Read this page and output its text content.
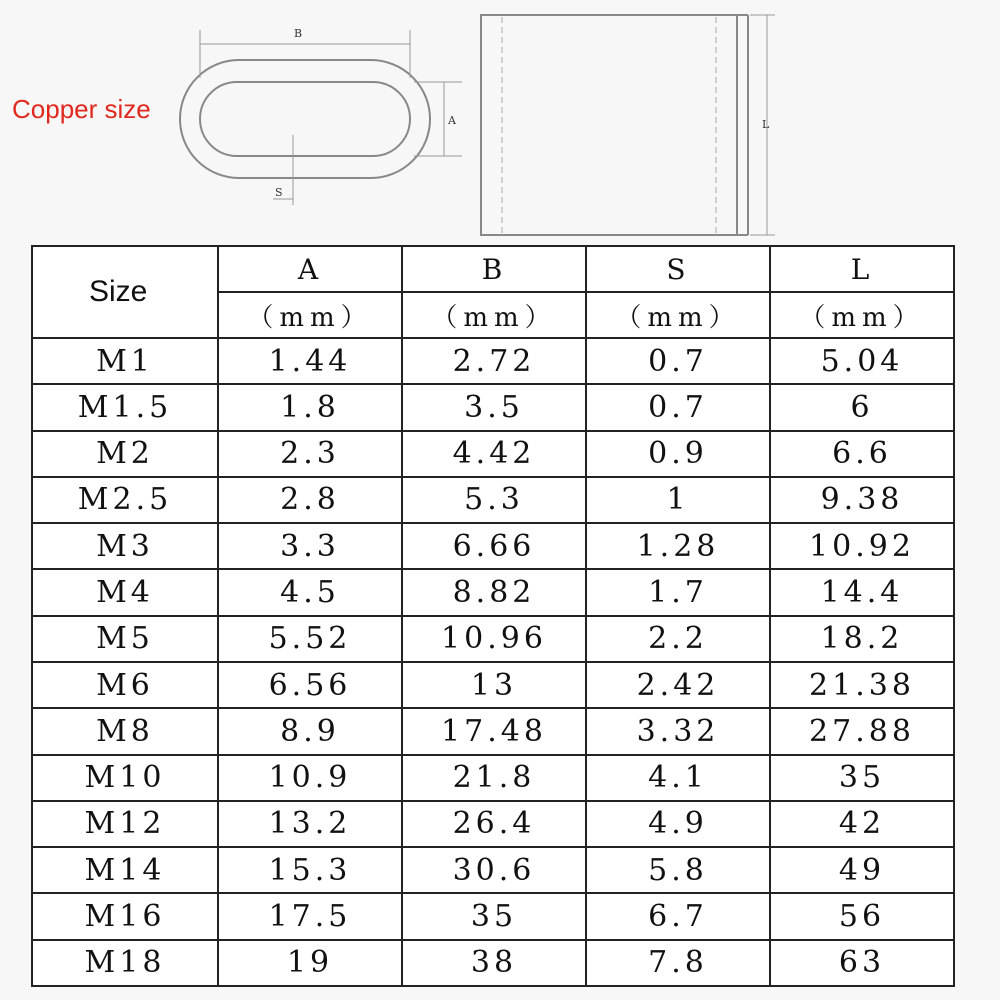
Copper size
B
A
S
L
Size	A	B	S	L
	（mm）	（mm）	（mm）	（mm）
M1	1.44	2.72	0.7	5.04
M1.5	1.8	3.5	0.7	6
M2	2.3	4.42	0.9	6.6
M2.5	2.8	5.3	1	9.38
M3	3.3	6.66	1.28	10.92
M4	4.5	8.82	1.7	14.4
M5	5.52	10.96	2.2	18.2
M6	6.56	13	2.42	21.38
M8	8.9	17.48	3.32	27.88
M10	10.9	21.8	4.1	35
M12	13.2	26.4	4.9	42
M14	15.3	30.6	5.8	49
M16	17.5	35	6.7	56
M18	19	38	7.8	63
